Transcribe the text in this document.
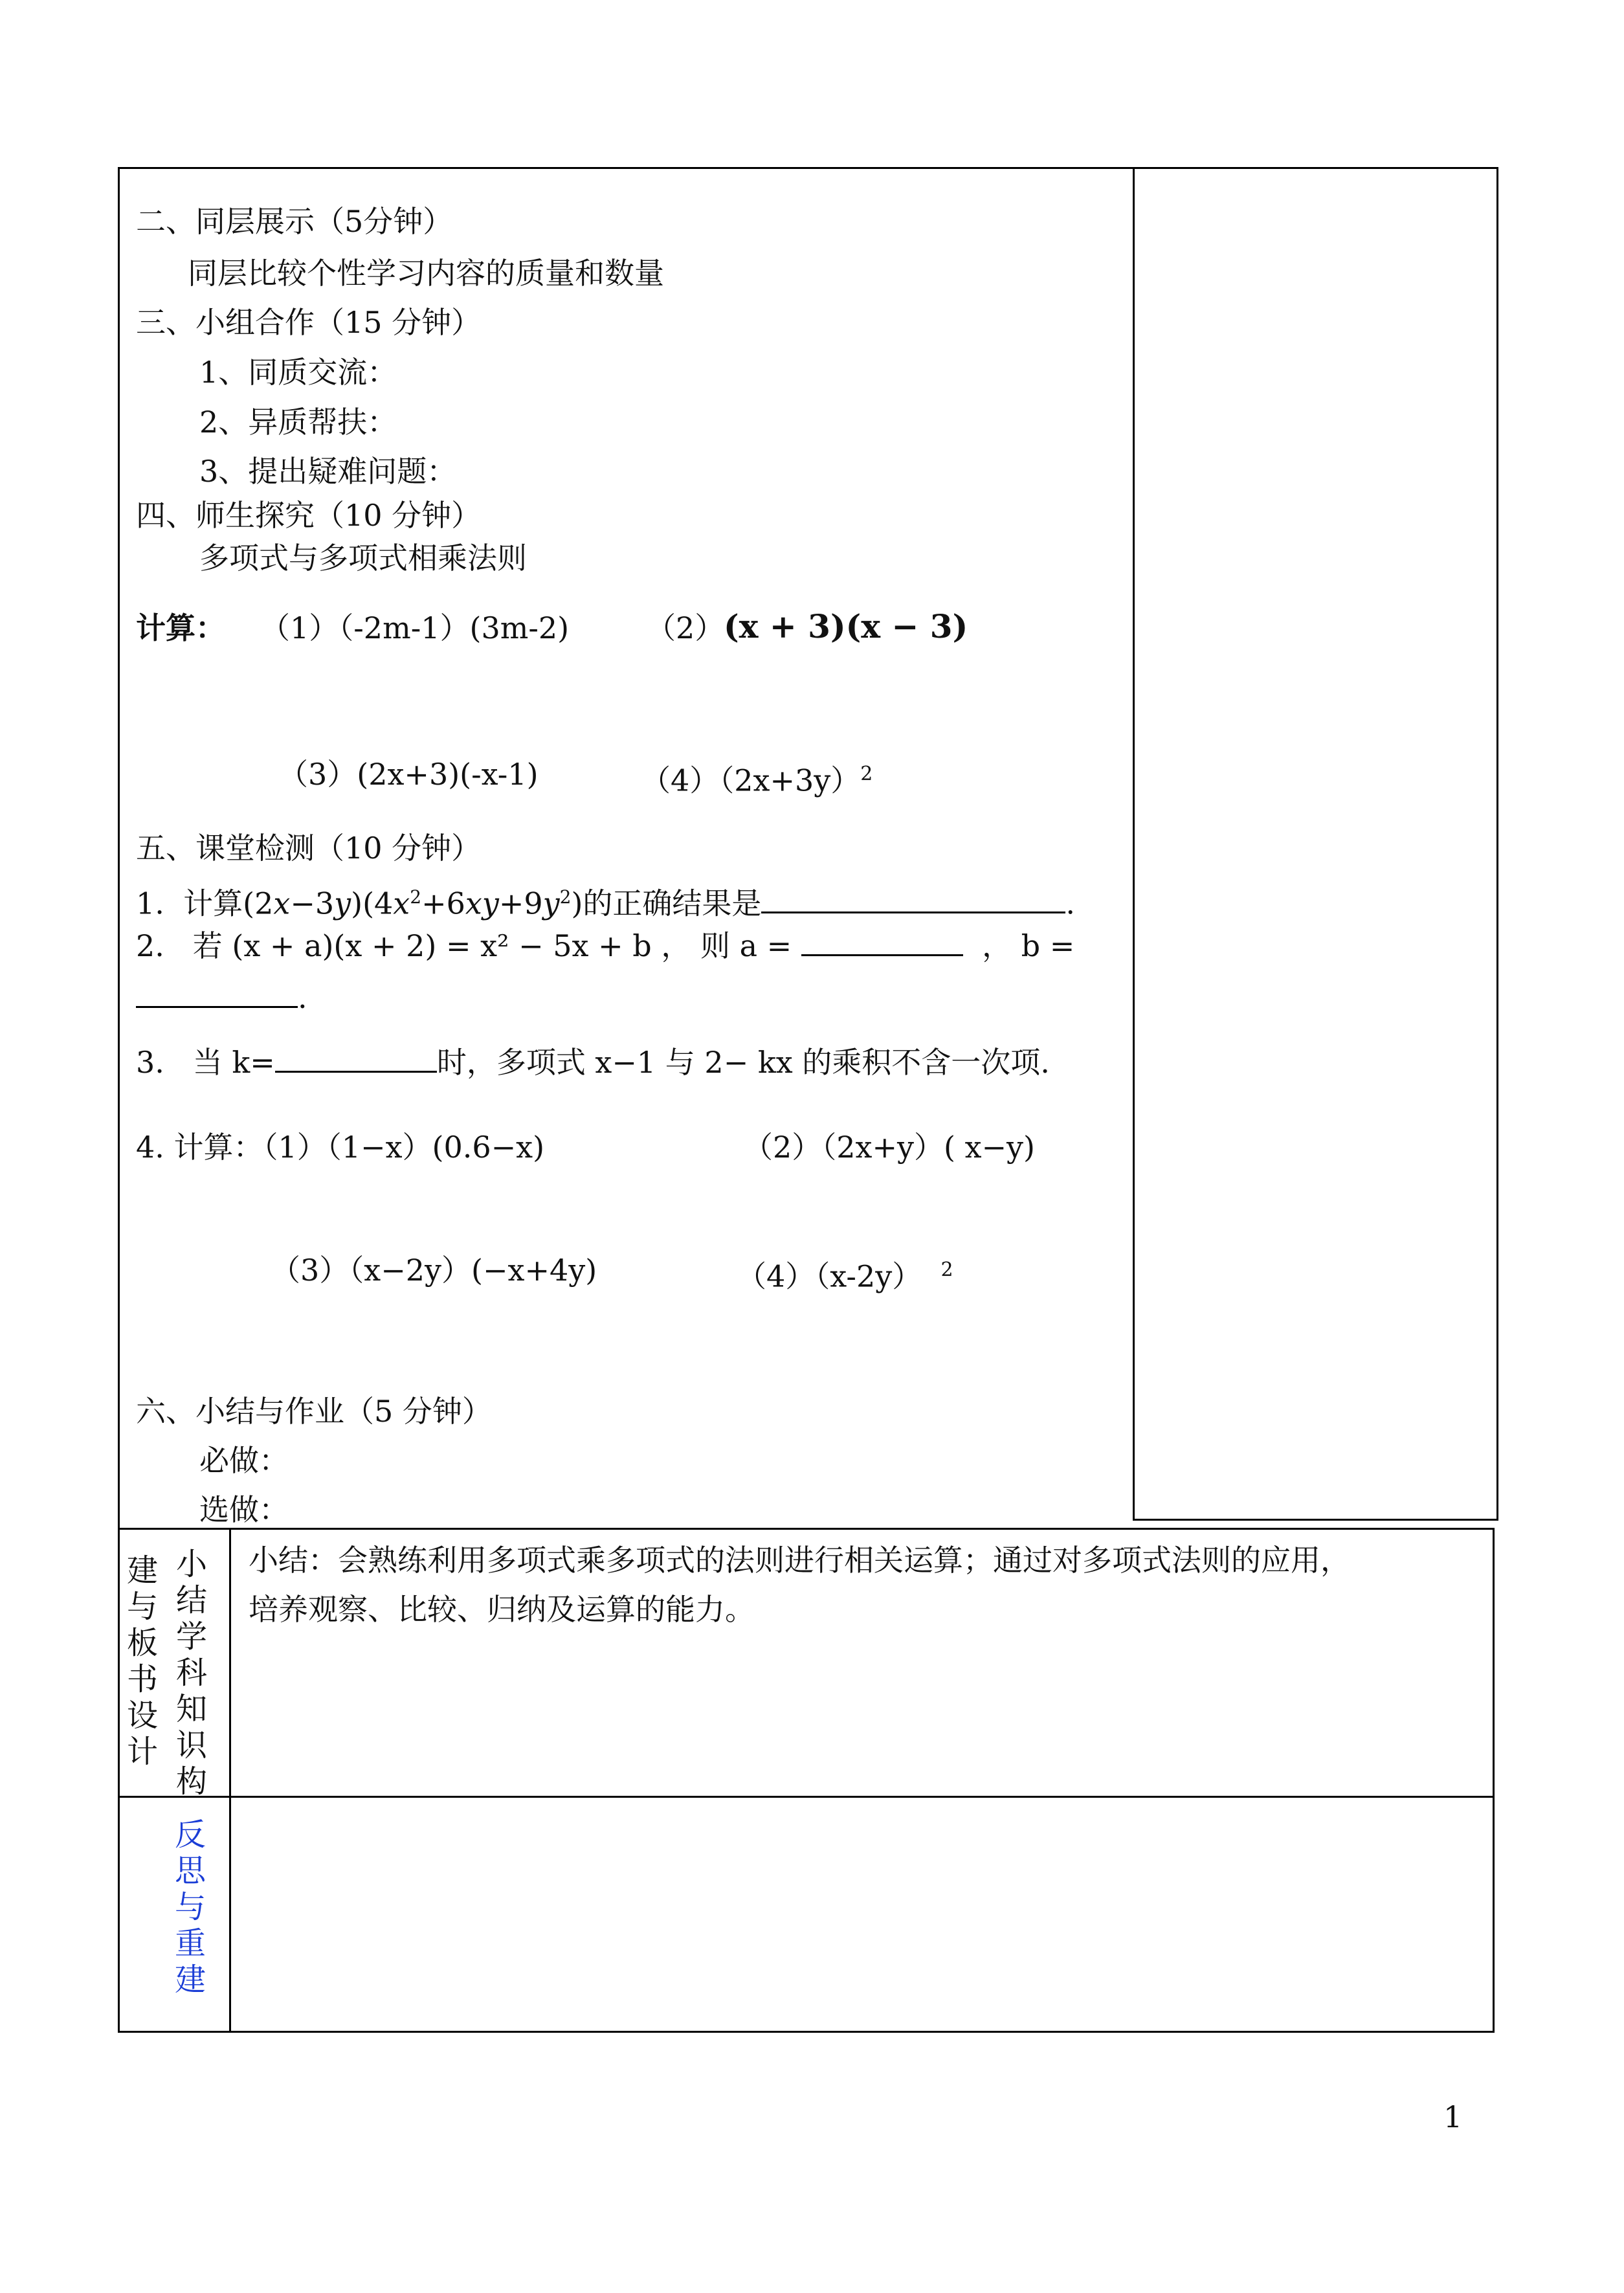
二、同层展示（5分钟）
同层比较个性学习内容的质量和数量
三、小组合作（15 分钟）
1、同质交流：
2、异质帮扶：
3、提出疑难问题：
四、师生探究（10 分钟）
多项式与多项式相乘法则
计算： （1）（-2m-1）(3m-2)	（2）
(x + 3)(x − 3)
（3）(2x+3)(-x-1)	$(4)(2x+3y)^2$
五、课堂检测（10 分钟）
1. 计算$(2x-3y)(4x^2+6xy+9y^2)$的正确结果是	.
2. 若 (x + a)(x + 2) = x² − 5x + b ， 则 a =	， b =
.
3. 当 k=	时，多项式 x−1 与 2− kx 的乘积不含一次项.
4. 计算：（1）（1−x）(0.6−x)	（2）（2x+y）( x−y)
（3）（x−2y）(−x+4y)	（4）（x-2y） $^2$
六、小结与作业（5 分钟）
必做：
选做：
建与板书设计
小结学科知识构
小结：会熟练利用多项式乘多项式的法则进行相关运算；通过对多项式法则的应用，
培养观察、比较、归纳及运算的能力。
反思与重建
1
